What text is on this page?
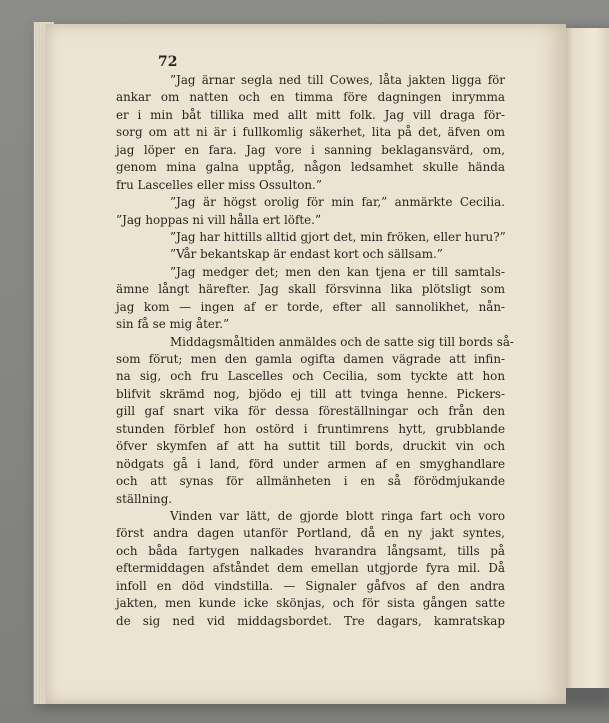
72
”Jag ärnar segla ned till Cowes, låta jakten ligga för
ankar om natten och en timma före dagningen inrymma
er i min båt tillika med allt mitt folk. Jag vill draga för-
sorg om att ni är i fullkomlig säkerhet, lita på det, äfven om
jag löper en fara. Jag vore i sanning beklagansvärd, om,
genom mina galna upptåg, någon ledsamhet skulle hända
fru Lascelles eller miss Ossulton.”
”Jag är högst orolig för min far,” anmärkte Cecilia.
”Jag hoppas ni vill hålla ert löfte.”
”Jag har hittills alltid gjort det, min fröken, eller huru?”
”Vår bekantskap är endast kort och sällsam.”
”Jag medger det; men den kan tjena er till samtals-
ämne långt härefter. Jag skall försvinna lika plötsligt som
jag kom — ingen af er torde, efter all sannolikhet, nån-
sin få se mig åter.”
Middagsmåltiden anmäldes och de satte sig till bords så-
som förut; men den gamla ogifta damen vägrade att infin-
na sig, och fru Lascelles och Cecilia, som tyckte att hon
blifvit skrämd nog, bjödo ej till att tvinga henne. Pickers-
gill gaf snart vika för dessa föreställningar och från den
stunden förblef hon ostörd i fruntimrens hytt, grubblande
öfver skymfen af att ha suttit till bords, druckit vin och
nödgats gå i land, förd under armen af en smyghandlare
och att synas för allmänheten i en så förödmjukande
ställning.
Vinden var lätt, de gjorde blott ringa fart och voro
först andra dagen utanför Portland, då en ny jakt syntes,
och båda fartygen nalkades hvarandra långsamt, tills på
eftermiddagen afståndet dem emellan utgjorde fyra mil. Då
infoll en död vindstilla. — Signaler gåfvos af den andra
jakten, men kunde icke skönjas, och för sista gången satte
de sig ned vid middagsbordet. Tre dagars, kamratskap
